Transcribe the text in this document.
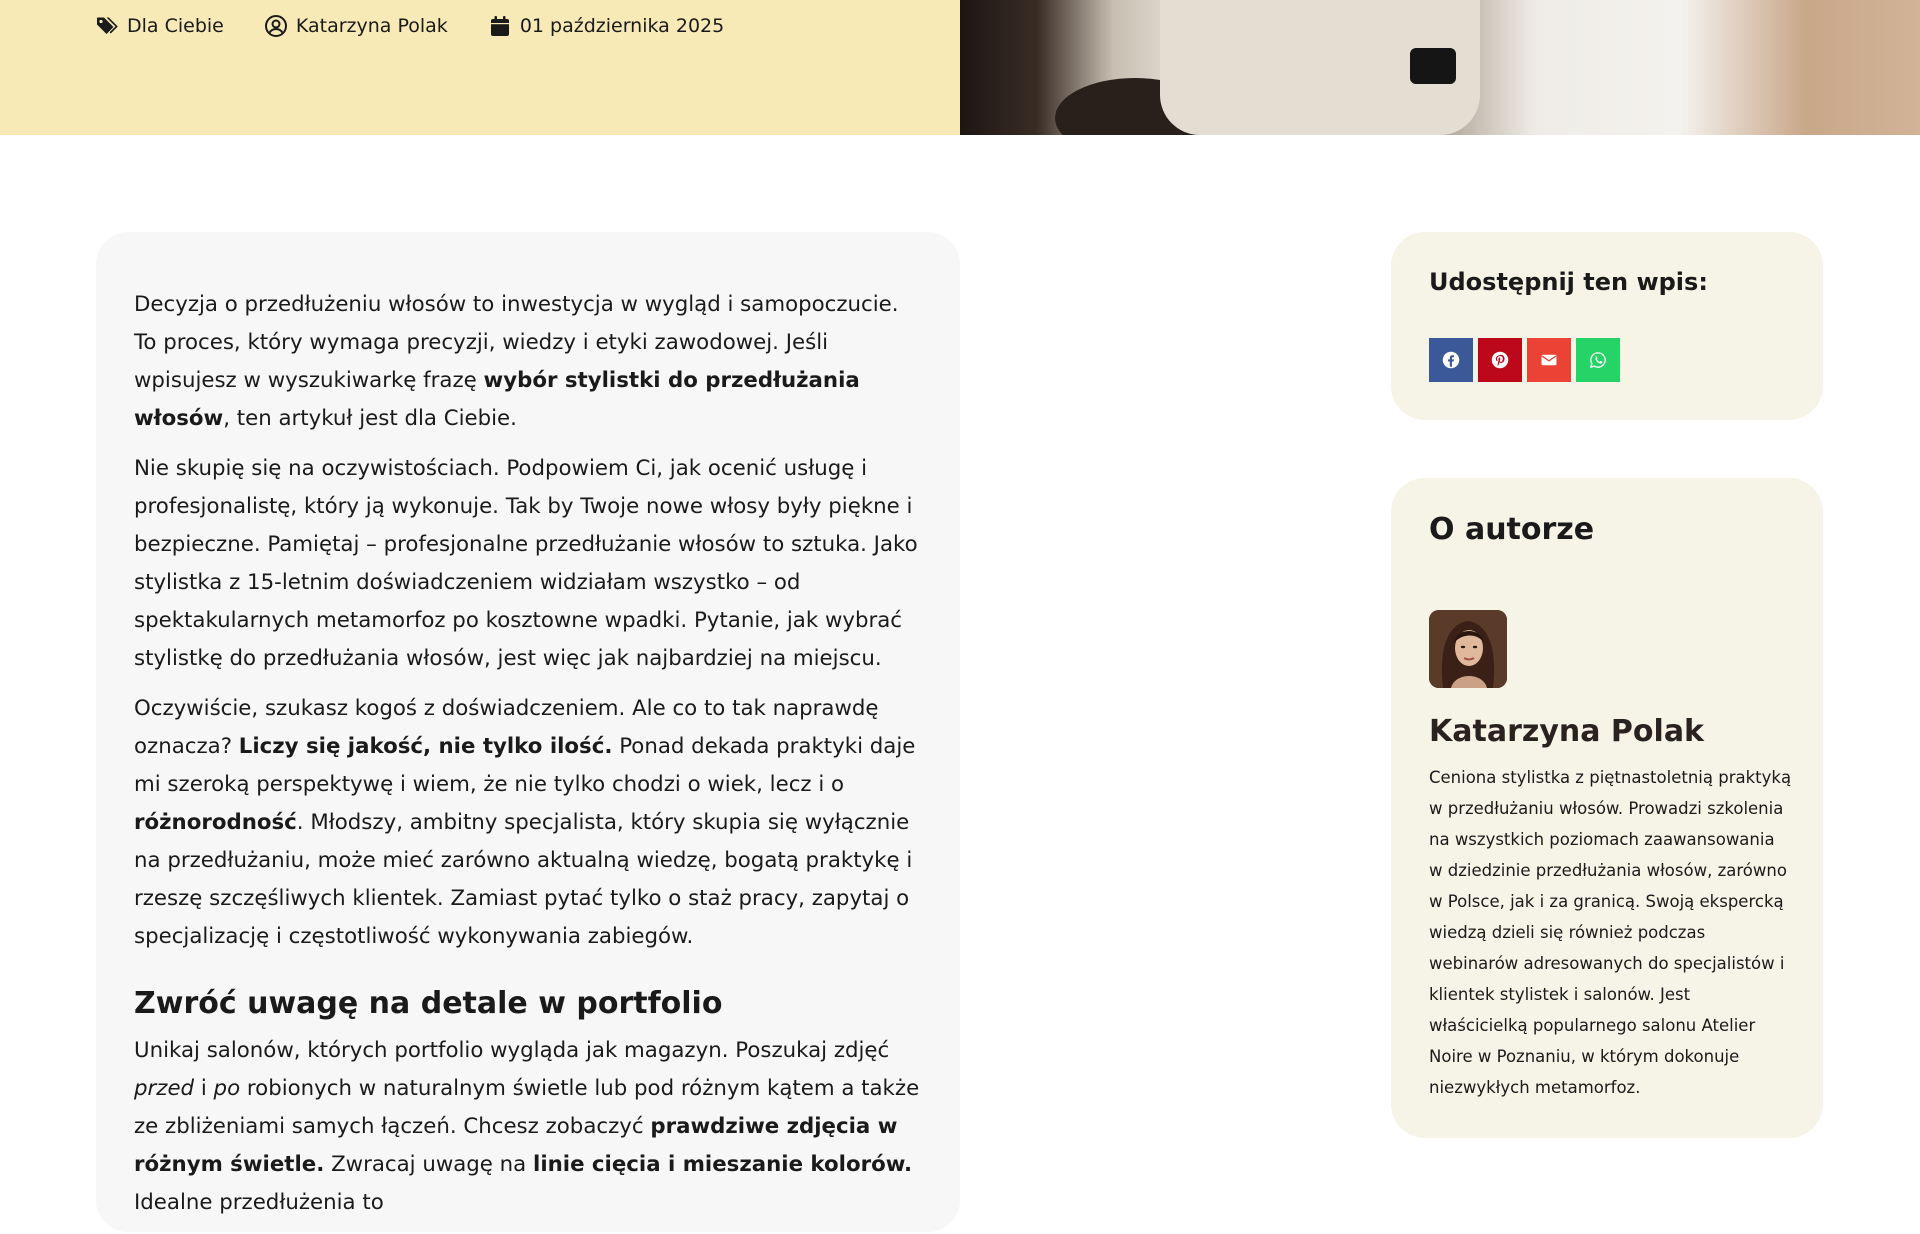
Dla Ciebie	Katarzyna Polak	01 października 2025

Decyzja o przedłużeniu włosów to inwestycja w wygląd i samopoczucie. To proces, który wymaga precyzji, wiedzy i etyki zawodowej. Jeśli wpisujesz w wyszukiwarkę frazę wybór stylistki do przedłużania włosów, ten artykuł jest dla Ciebie.

Nie skupię się na oczywistościach. Podpowiem Ci, jak ocenić usługę i profesjonalistę, który ją wykonuje. Tak by Twoje nowe włosy były piękne i bezpieczne. Pamiętaj – profesjonalne przedłużanie włosów to sztuka. Jako stylistka z 15-letnim doświadczeniem widziałam wszystko – od spektakularnych metamorfoz po kosztowne wpadki. Pytanie, jak wybrać stylistkę do przedłużania włosów, jest więc jak najbardziej na miejscu.

Oczywiście, szukasz kogoś z doświadczeniem. Ale co to tak naprawdę oznacza? Liczy się jakość, nie tylko ilość. Ponad dekada praktyki daje mi szeroką perspektywę i wiem, że nie tylko chodzi o wiek, lecz i o różnorodność. Młodszy, ambitny specjalista, który skupia się wyłącznie na przedłużaniu, może mieć zarówno aktualną wiedzę, bogatą praktykę i rzeszę szczęśliwych klientek. Zamiast pytać tylko o staż pracy, zapytaj o specjalizację i częstotliwość wykonywania zabiegów.

Zwróć uwagę na detale w portfolio

Unikaj salonów, których portfolio wygląda jak magazyn. Poszukaj zdjęć przed i po robionych w naturalnym świetle lub pod różnym kątem a także ze zbliżeniami samych łączeń. Chcesz zobaczyć prawdziwe zdjęcia w różnym świetle. Zwracaj uwagę na linie cięcia i mieszanie kolorów. Idealne przedłużenia to

Udostępnij ten wpis:
O autorze
Katarzyna Polak

Ceniona stylistka z piętnastoletnią praktyką w przedłużaniu włosów. Prowadzi szkolenia na wszystkich poziomach zaawansowania w dziedzinie przedłużania włosów, zarówno w Polsce, jak i za granicą. Swoją ekspercką wiedzą dzieli się również podczas webinarów adresowanych do specjalistów i klientek stylistek i salonów. Jest właścicielką popularnego salonu Atelier Noire w Poznaniu, w którym dokonuje niezwykłych metamorfoz.
